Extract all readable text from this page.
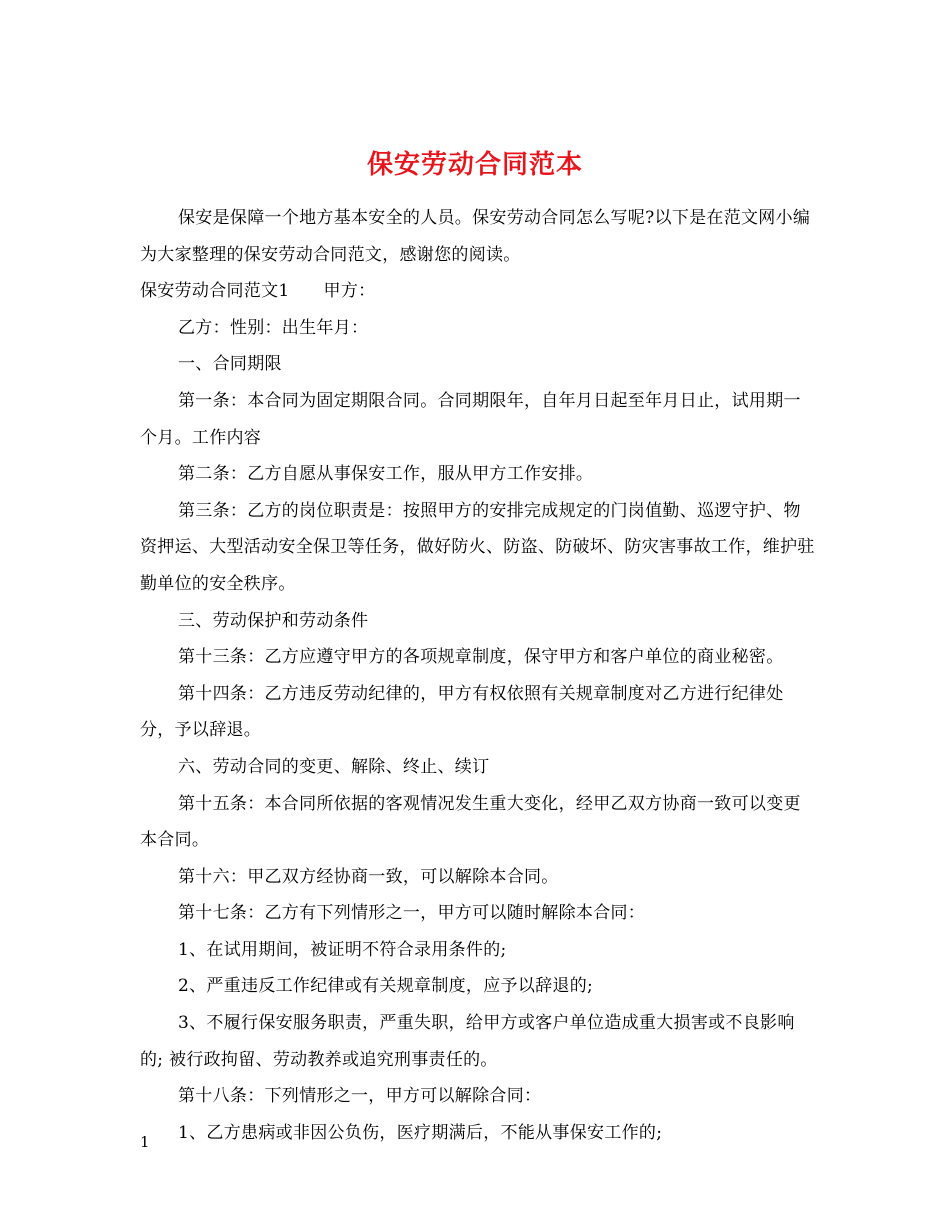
保安劳动合同范本

保安是保障一个地方基本安全的人员。保安劳动合同怎么写呢?以下是在范文网小编为大家整理的保安劳动合同范文，感谢您的阅读。

保安劳动合同范文1 甲方：

乙方：性别：出生年月：

一、合同期限

第一条：本合同为固定期限合同。合同期限年，自年月日起至年月日止，试用期一个月。工作内容

第二条：乙方自愿从事保安工作，服从甲方工作安排。

第三条：乙方的岗位职责是：按照甲方的安排完成规定的门岗值勤、巡逻守护、物资押运、大型活动安全保卫等任务，做好防火、防盗、防破坏、防灾害事故工作，维护驻勤单位的安全秩序。

三、劳动保护和劳动条件

第十三条：乙方应遵守甲方的各项规章制度，保守甲方和客户单位的商业秘密。

第十四条：乙方违反劳动纪律的，甲方有权依照有关规章制度对乙方进行纪律处分，予以辞退。

六、劳动合同的变更、解除、终止、续订

第十五条：本合同所依据的客观情况发生重大变化，经甲乙双方协商一致可以变更本合同。

第十六：甲乙双方经协商一致，可以解除本合同。

第十七条：乙方有下列情形之一，甲方可以随时解除本合同：

1、在试用期间，被证明不符合录用条件的;

2、严重违反工作纪律或有关规章制度，应予以辞退的;

3、不履行保安服务职责，严重失职，给甲方或客户单位造成重大损害或不良影响的; 被行政拘留、劳动教养或追究刑事责任的。

第十八条：下列情形之一，甲方可以解除合同：

1、乙方患病或非因公负伤，医疗期满后，不能从事保安工作的;

1
